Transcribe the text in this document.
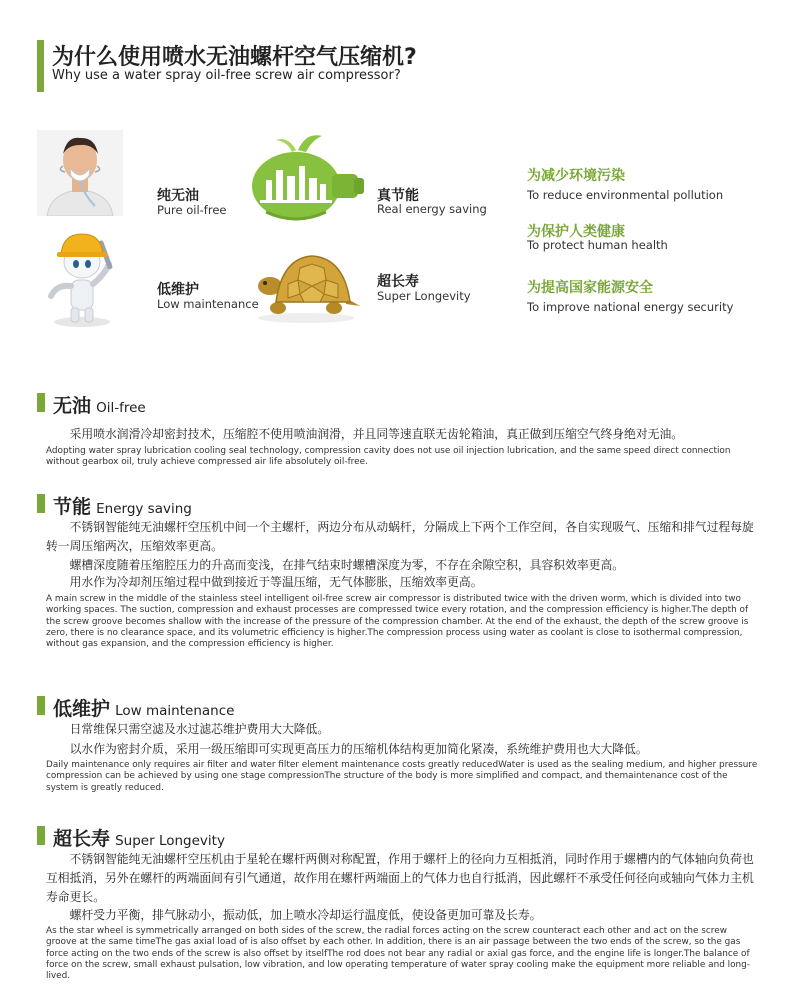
为什么使用喷水无油螺杆空气压缩机?
Why use a water spray oil-free screw air compressor?
纯无油
Pure oil-free
真节能
Real energy saving
低维护
Low maintenance
超长寿
Super Longevity
为减少环境污染
To reduce environmental pollution
为保护人类健康
To protect human health
为提高国家能源安全
To improve national energy security
无油 Oil-free
采用喷水润滑冷却密封技术，压缩腔不使用喷油润滑，并且同等速直联无齿轮箱油，真正做到压缩空气终身绝对无油。
Adopting water spray lubrication cooling seal technology, compression cavity does not use oil injection lubrication, and the same speed direct connection without gearbox oil, truly achieve compressed air life absolutely oil-free.
节能 Energy saving
不锈钢智能纯无油螺杆空压机中间一个主螺杆，两边分布从动蜗杆，分隔成上下两个工作空间，各自实现吸气、压缩和排气过程每旋转一周压缩两次，压缩效率更高。
螺槽深度随着压缩腔压力的升高而变浅，在排气结束时螺槽深度为零，不存在余隙空积，具容积效率更高。
用水作为冷却剂压缩过程中做到接近于等温压缩，无气体膨胀，压缩效率更高。
A main screw in the middle of the stainless steel intelligent oil-free screw air compressor is distributed twice with the driven worm, which is divided into two working spaces. The suction, compression and exhaust processes are compressed twice every rotation, and the compression efficiency is higher.The depth of the screw groove becomes shallow with the increase of the pressure of the compression chamber. At the end of the exhaust, the depth of the screw groove is zero, there is no clearance space, and its volumetric efficiency is higher.The compression process using water as coolant is close to isothermal compression, without gas expansion, and the compression efficiency is higher.
低维护 Low maintenance
日常维保只需空滤及水过滤芯维护费用大大降低。
以水作为密封介质，采用一级压缩即可实现更高压力的压缩机体结构更加简化紧凑，系统维护费用也大大降低。
Daily maintenance only requires air filter and water filter element maintenance costs greatly reducedWater is used as the sealing medium, and higher pressure compression can be achieved by using one stage compressionThe structure of the body is more simplified and compact, and themaintenance cost of the system is greatly reduced.
超长寿 Super Longevity
不锈钢智能纯无油螺杆空压机由于星轮在螺杆两侧对称配置，作用于螺杆上的径向力互相抵消，同时作用于螺槽内的气体轴向负荷也互相抵消，另外在螺杆的两端面间有引气通道，故作用在螺杆两端面上的气体力也自行抵消，因此螺杆不承受任何径向或轴向气体力主机寿命更长。
螺杆受力平衡，排气脉动小，振动低，加上喷水冷却运行温度低，使设备更加可靠及长寿。
As the star wheel is symmetrically arranged on both sides of the screw, the radial forces acting on the screw counteract each other and act on the screw groove at the same timeThe gas axial load of is also offset by each other. In addition, there is an air passage between the two ends of the screw, so the gas force acting on the two ends of the screw is also offset by itselfThe rod does not bear any radial or axial gas force, and the engine life is longer.The balance of force on the screw, small exhaust pulsation, low vibration, and low operating temperature of water spray cooling make the equipment more reliable and long-lived.
